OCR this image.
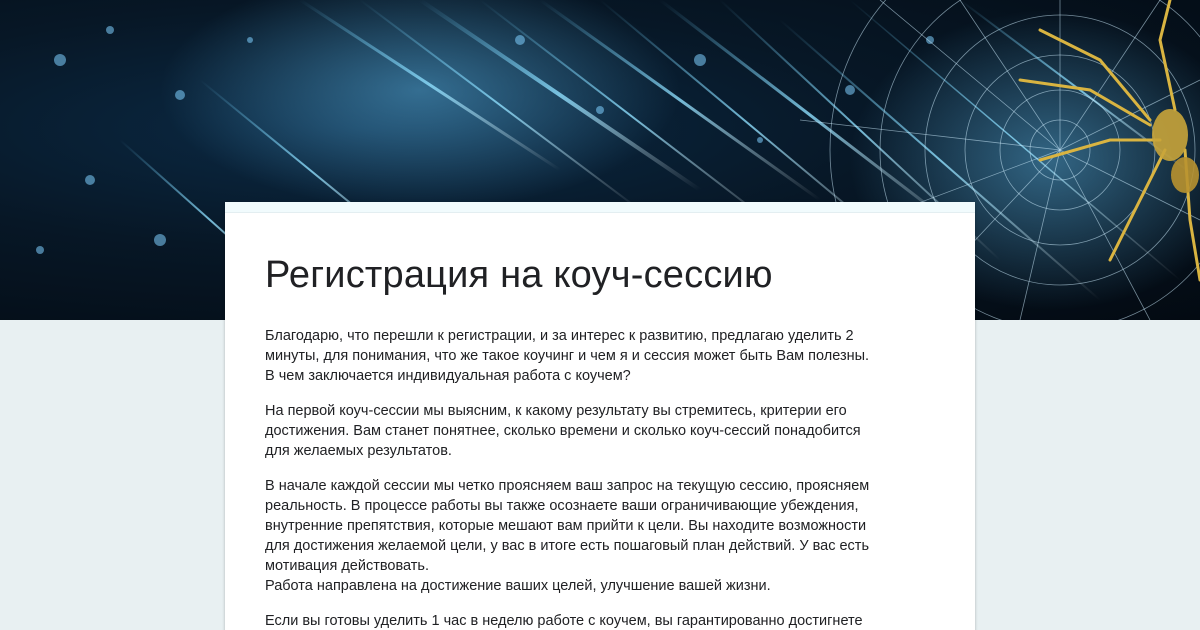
Регистрация на коуч-сессию

Благодарю, что перешли к регистрации, и за интерес к развитию, предлагаю уделить 2
минуты, для понимания, что же такое коучинг и чем я и сессия может быть Вам полезны.
В чем заключается индивидуальная работа с коучем?

На первой коуч-сессии мы выясним, к какому результату вы стремитесь, критерии его
достижения. Вам станет понятнее, сколько времени и сколько коуч-сессий понадобится
для желаемых результатов.

В начале каждой сессии мы четко проясняем ваш запрос на текущую сессию, проясняем
реальность. В процессе работы вы также осознаете ваши ограничивающие убеждения,
внутренние препятствия, которые мешают вам прийти к цели. Вы находите возможности
для достижения желаемой цели, у вас в итоге есть пошаговый план действий. У вас есть
мотивация действовать.
Работа направлена на достижение ваших целей, улучшение вашей жизни.

Если вы готовы уделить 1 час в неделю работе с коучем, вы гарантированно достигнете
